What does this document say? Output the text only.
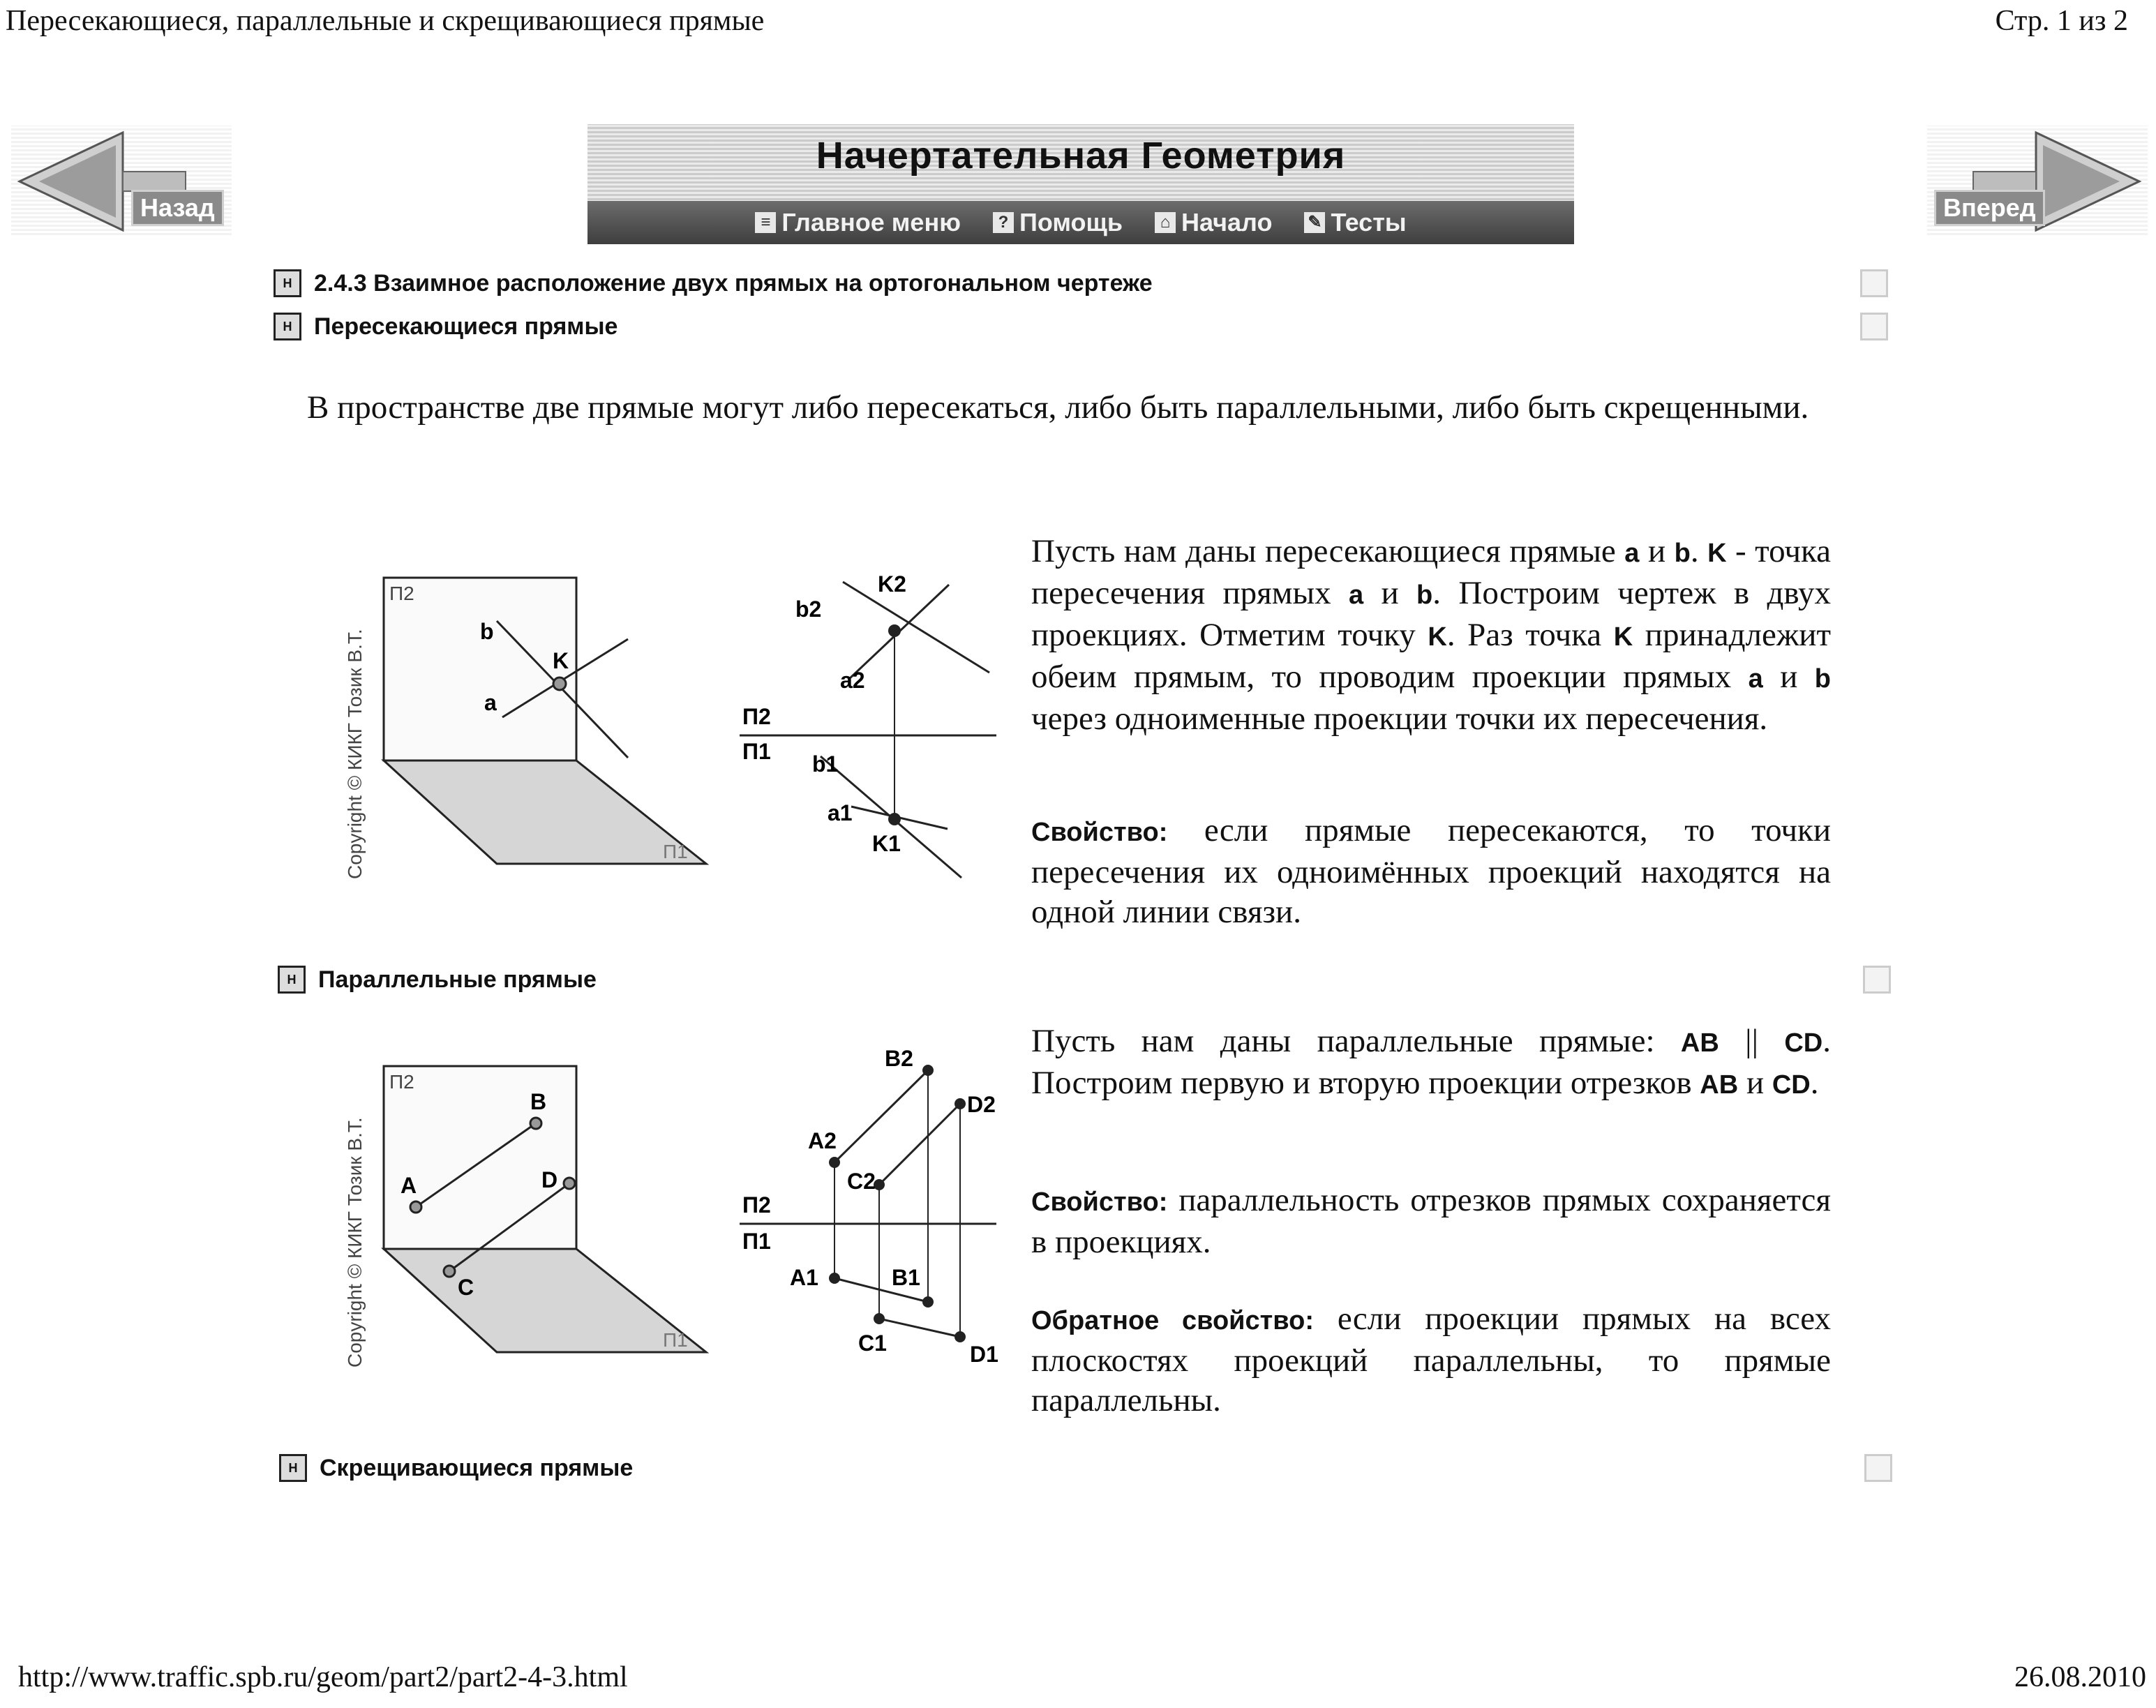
Пересекающиеся, параллельные и скрещивающиеся прямые	Стр. 1 из 2
Назад	Вперед
Начертательная Геометрия
≡ Главное меню	? Помощь	⌂ Начало ✎ Тесты
Н 2.4.3 Взаимное расположение двух прямых на ортогональном чертеже
Н Пересекающиеся прямые
В пространстве две прямые могут либо пересекаться, либо быть параллельными, либо быть скрещенными.
Copyright © КИКГ Тозик В.Т.
П2
П1
b
a
K
П2
П1
b2
K2
a2
b1
a1
K1
Пусть нам даны пересекающиеся прямые a и b. K - точка пересечения прямых a и b. Построим чертеж в двух проекциях. Отметим точку K. Раз точка K принадлежит обеим прямым, то проводим проекции прямых a и b через одноименные проекции точки их пересечения.
Свойство: если прямые пересекаются, то точки пересечения их одноимённых проекций находятся на одной линии связи.
Н Параллельные прямые
Copyright © КИКГ Тозик В.Т.
П2
П1
A
B
C
D
П2
П1
B2
D2
A2
C2
A1	B1
C1	D1
Пусть нам даны параллельные прямые: AB || CD. Построим первую и вторую проекции отрезков AB и CD.
Свойство: параллельность отрезков прямых сохраняется в проекциях.
Обратное свойство: если проекции прямых на всех плоскостях проекций параллельны, то прямые параллельны.
Н Скрещивающиеся прямые
http://www.traffic.spb.ru/geom/part2/part2-4-3.html	26.08.2010
